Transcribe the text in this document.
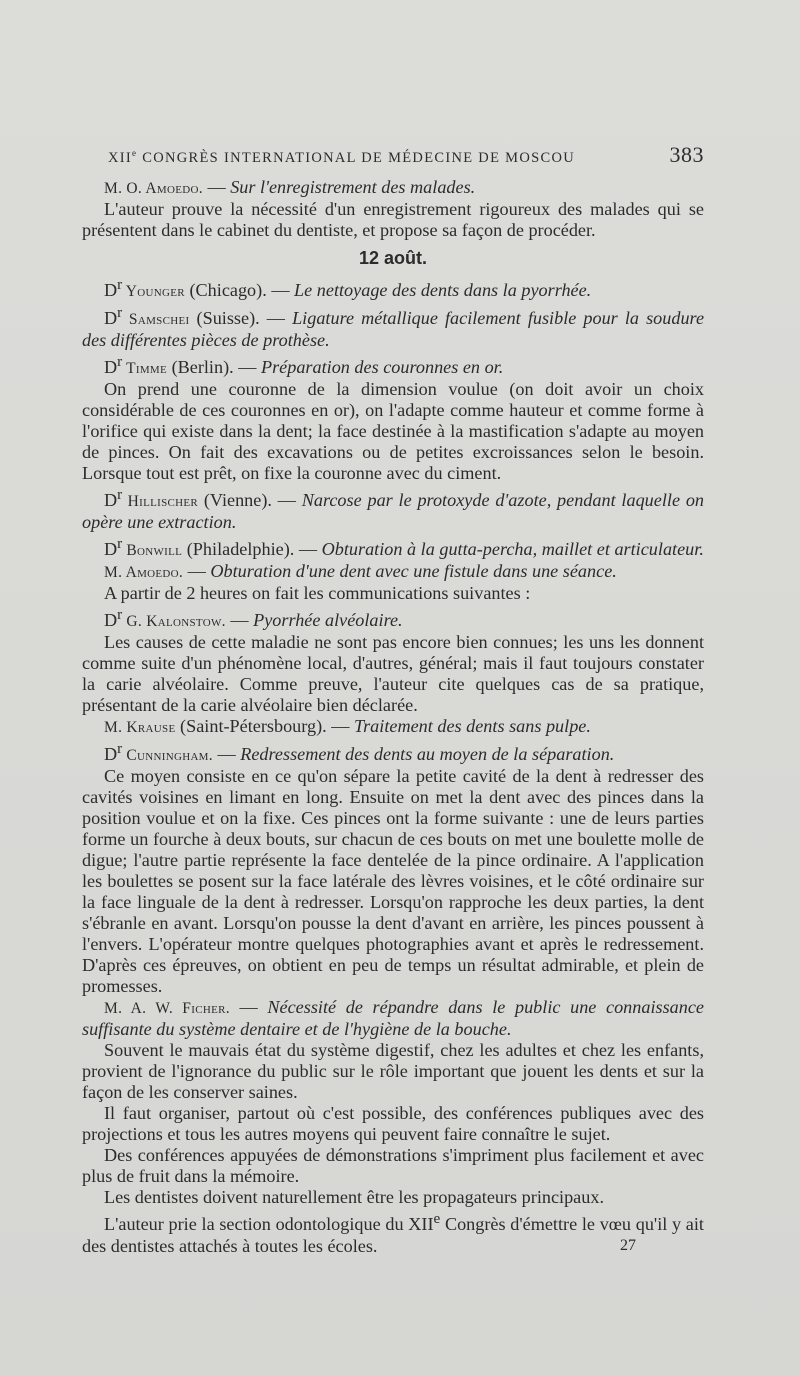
XIIe CONGRÈS INTERNATIONAL DE MÉDECINE DE MOSCOU	383

M. O. Amoedo. — Sur l'enregistrement des malades.

L'auteur prouve la nécessité d'un enregistrement rigoureux des malades qui se présentent dans le cabinet du dentiste, et propose sa façon de procéder.

12 août.

$D^r$ Younger (Chicago). — Le nettoyage des dents dans la pyorrhée.

$D^r$ Samschei (Suisse). — Ligature métallique facilement fusible pour la soudure des différentes pièces de prothèse.

$D^r$ Timme (Berlin). — Préparation des couronnes en or.

On prend une couronne de la dimension voulue (on doit avoir un choix considérable de ces couronnes en or), on l'adapte comme hauteur et comme forme à l'orifice qui existe dans la dent; la face destinée à la mastification s'adapte au moyen de pinces. On fait des excavations ou de petites excroissances selon le besoin. Lorsque tout est prêt, on fixe la couronne avec du ciment.

$D^r$ Hillischer (Vienne). — Narcose par le protoxyde d'azote, pendant laquelle on opère une extraction.

$D^r$ Bonwill (Philadelphie). — Obturation à la gutta-percha, maillet et articulateur.

M. Amoedo. — Obturation d'une dent avec une fistule dans une séance.

A partir de 2 heures on fait les communications suivantes :

$D^r$ G. Kalonstow. — Pyorrhée alvéolaire.

Les causes de cette maladie ne sont pas encore bien connues; les uns les donnent comme suite d'un phénomène local, d'autres, général; mais il faut toujours constater la carie alvéolaire. Comme preuve, l'auteur cite quelques cas de sa pratique, présentant de la carie alvéolaire bien déclarée.

M. Krause (Saint-Pétersbourg). — Traitement des dents sans pulpe.

$D^r$ Cunningham. — Redressement des dents au moyen de la séparation.

Ce moyen consiste en ce qu'on sépare la petite cavité de la dent à redresser des cavités voisines en limant en long. Ensuite on met la dent avec des pinces dans la position voulue et on la fixe. Ces pinces ont la forme suivante : une de leurs parties forme un fourche à deux bouts, sur chacun de ces bouts on met une boulette molle de digue; l'autre partie représente la face dentelée de la pince ordinaire. A l'application les boulettes se posent sur la face latérale des lèvres voisines, et le côté ordinaire sur la face linguale de la dent à redresser. Lorsqu'on rapproche les deux parties, la dent s'ébranle en avant. Lorsqu'on pousse la dent d'avant en arrière, les pinces poussent à l'envers. L'opérateur montre quelques photographies avant et après le redressement. D'après ces épreuves, on obtient en peu de temps un résultat admirable, et plein de promesses.

M. A. W. Ficher. — Nécessité de répandre dans le public une connaissance suffisante du système dentaire et de l'hygiène de la bouche.

Souvent le mauvais état du système digestif, chez les adultes et chez les enfants, provient de l'ignorance du public sur le rôle important que jouent les dents et sur la façon de les conserver saines.

Il faut organiser, partout où c'est possible, des conférences publiques avec des projections et tous les autres moyens qui peuvent faire connaître le sujet.

Des conférences appuyées de démonstrations s'impriment plus facilement et avec plus de fruit dans la mémoire.

Les dentistes doivent naturellement être les propagateurs principaux.

L'auteur prie la section odontologique du XIIe Congrès d'émettre le vœu qu'il y ait des dentistes attachés à toutes les écoles.	27
